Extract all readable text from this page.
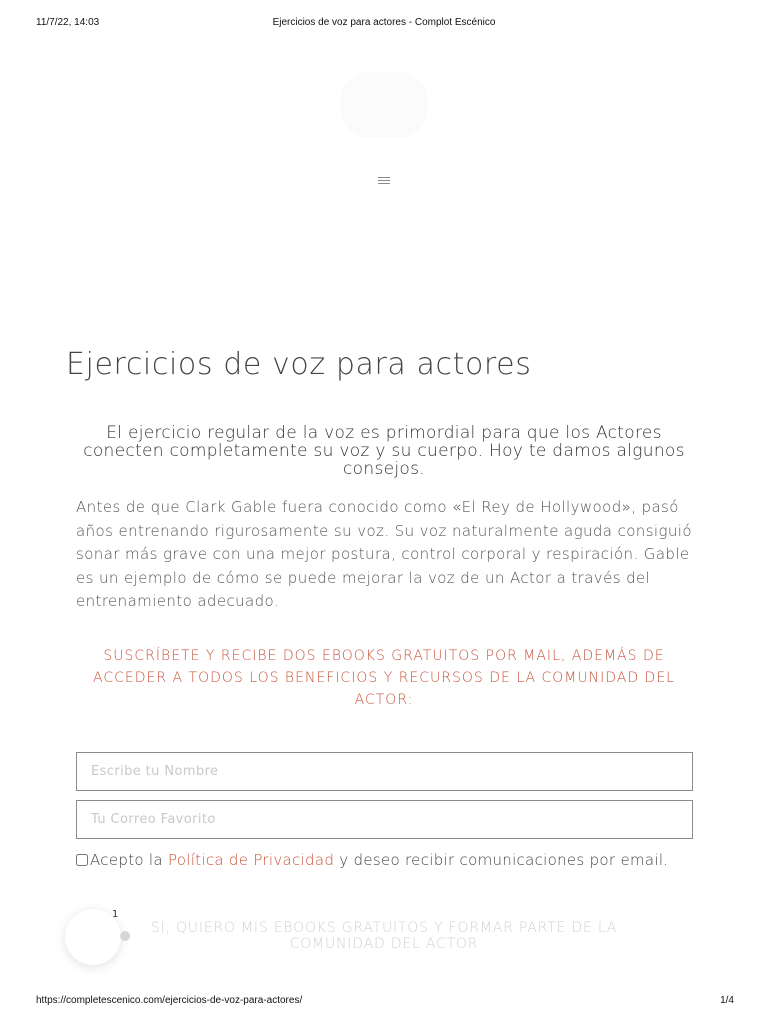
11/7/22, 14:03	Ejercicios de voz para actores - Complot Escénico
Ejercicios de voz para actores

El ejercicio regular de la voz es primordial para que los Actores conecten completamente su voz y su cuerpo. Hoy te damos algunos consejos.

Antes de que Clark Gable fuera conocido como «El Rey de Hollywood», pasó años entrenando rigurosamente su voz. Su voz naturalmente aguda consiguió sonar más grave con una mejor postura, control corporal y respiración. Gable es un ejemplo de cómo se puede mejorar la voz de un Actor a través del entrenamiento adecuado.

SUSCRÍBETE Y RECIBE DOS EBOOKS GRATUITOS POR MAIL, ADEMÁS DE ACCEDER A TODOS LOS BENEFICIOS Y RECURSOS DE LA COMUNIDAD DEL ACTOR:

Escribe tu Nombre
Tu Correo Favorito

Acepto la Política de Privacidad y deseo recibir comunicaciones por email.

SI, QUIERO MIS EBOOKS GRATUITOS Y FORMAR PARTE DE LA COMUNIDAD DEL ACTOR
1
https://completescenico.com/ejercicios-de-voz-para-actores/	1/4
